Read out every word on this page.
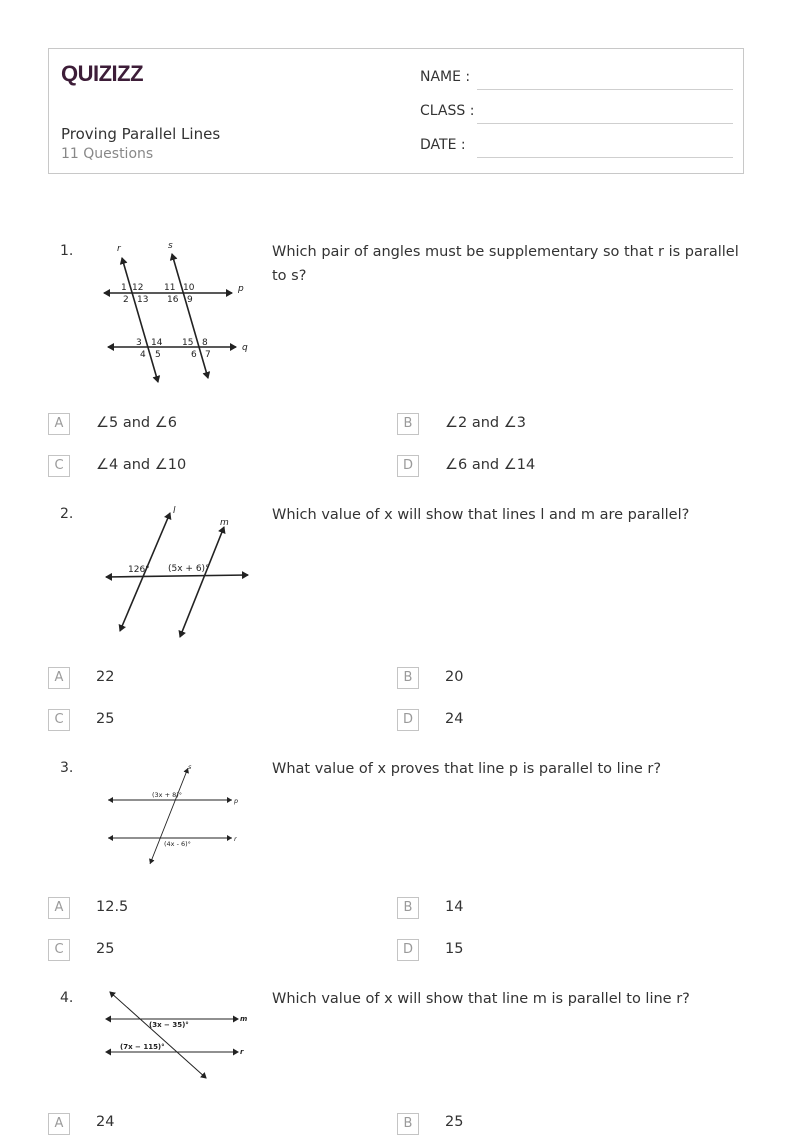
QUIZIZZ
Proving Parallel Lines
11 Questions
NAME :
CLASS :
DATE :
1.	Which pair of angles must be supplementary so that r is parallel to s?
r	s
p
q
1 12 11 10
2 13 16 9
3 14 15 8
4 5	6 7
A	∠5 and ∠6	B	∠2 and ∠3
C	∠4 and ∠10	D	∠6 and ∠14
2.	Which value of x will show that lines l and m are parallel?
l
m
126° (5x + 6)°
A	22	B	20
C	25	D	24
3.	What value of x proves that line p is parallel to line r?
s
p
r
(3x + 8)°
(4x - 6)°
A	12.5	B	14
C	25	D	15
4.	Which value of x will show that line m is parallel to line r?
m
r
(3x − 35)°
(7x − 115)°
A	24	B	25
